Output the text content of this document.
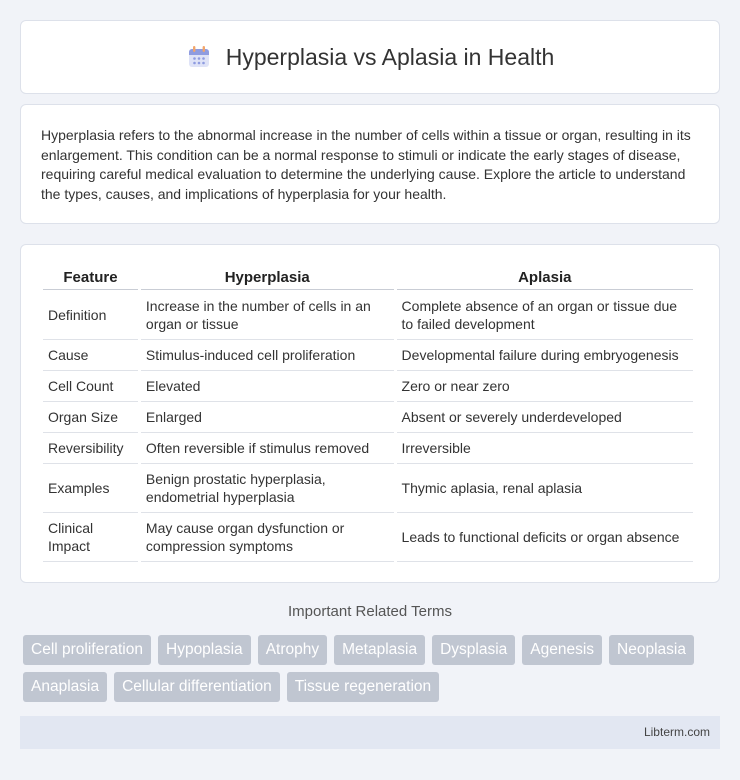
Hyperplasia vs Aplasia in Health

Hyperplasia refers to the abnormal increase in the number of cells within a tissue or organ, resulting in its enlargement. This condition can be a normal response to stimuli or indicate the early stages of disease, requiring careful medical evaluation to determine the underlying cause. Explore the article to understand the types, causes, and implications of hyperplasia for your health.

Feature	Hyperplasia	Aplasia
Definition	Increase in the number of cells in an organ or tissue	Complete absence of an organ or tissue due to failed development
Cause	Stimulus-induced cell proliferation	Developmental failure during embryogenesis
Cell Count	Elevated	Zero or near zero
Organ Size	Enlarged	Absent or severely underdeveloped
Reversibility	Often reversible if stimulus removed	Irreversible
Examples	Benign prostatic hyperplasia, endometrial hyperplasia	Thymic aplasia, renal aplasia
Clinical Impact	May cause organ dysfunction or compression symptoms	Leads to functional deficits or organ absence
Important Related Terms
Cell proliferation	Hypoplasia	Atrophy	Metaplasia	Dysplasia	Agenesis	Neoplasia
Anaplasia	Cellular differentiation	Tissue regeneration
Libterm.com
